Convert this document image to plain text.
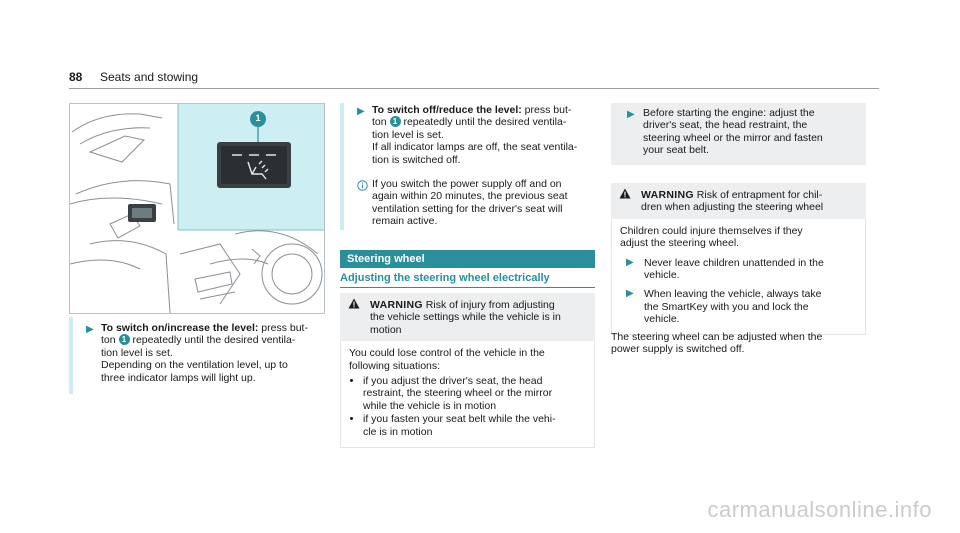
88 Seats and stowing
1
▶ To switch on/increase the level: press but-
ton 1 repeatedly until the desired ventila-
tion level is set.
Depending on the ventilation level, up to
three indicator lamps will light up.
▶ To switch off/reduce the level: press but-
ton 1 repeatedly until the desired ventila-
tion level is set.
If all indicator lamps are off, the seat ventila-
tion is switched off.
If you switch the power supply off and on
again within 20 minutes, the previous seat
ventilation setting for the driver's seat will
remain active.
Steering wheel
Adjusting the steering wheel electrically
WARNING Risk of injury from adjusting
the vehicle settings while the vehicle is in
motion
You could lose control of the vehicle in the
following situations:
• if you adjust the driver's seat, the head
restraint, the steering wheel or the mirror
while the vehicle is in motion
• if you fasten your seat belt while the vehi-
cle is in motion
▶ Before starting the engine: adjust the
driver's seat, the head restraint, the
steering wheel or the mirror and fasten
your seat belt.
WARNING Risk of entrapment for chil-
dren when adjusting the steering wheel
Children could injure themselves if they
adjust the steering wheel.
▶ Never leave children unattended in the
vehicle.
▶ When leaving the vehicle, always take
the SmartKey with you and lock the
vehicle.
The steering wheel can be adjusted when the
power supply is switched off.
carmanualsonline.info
